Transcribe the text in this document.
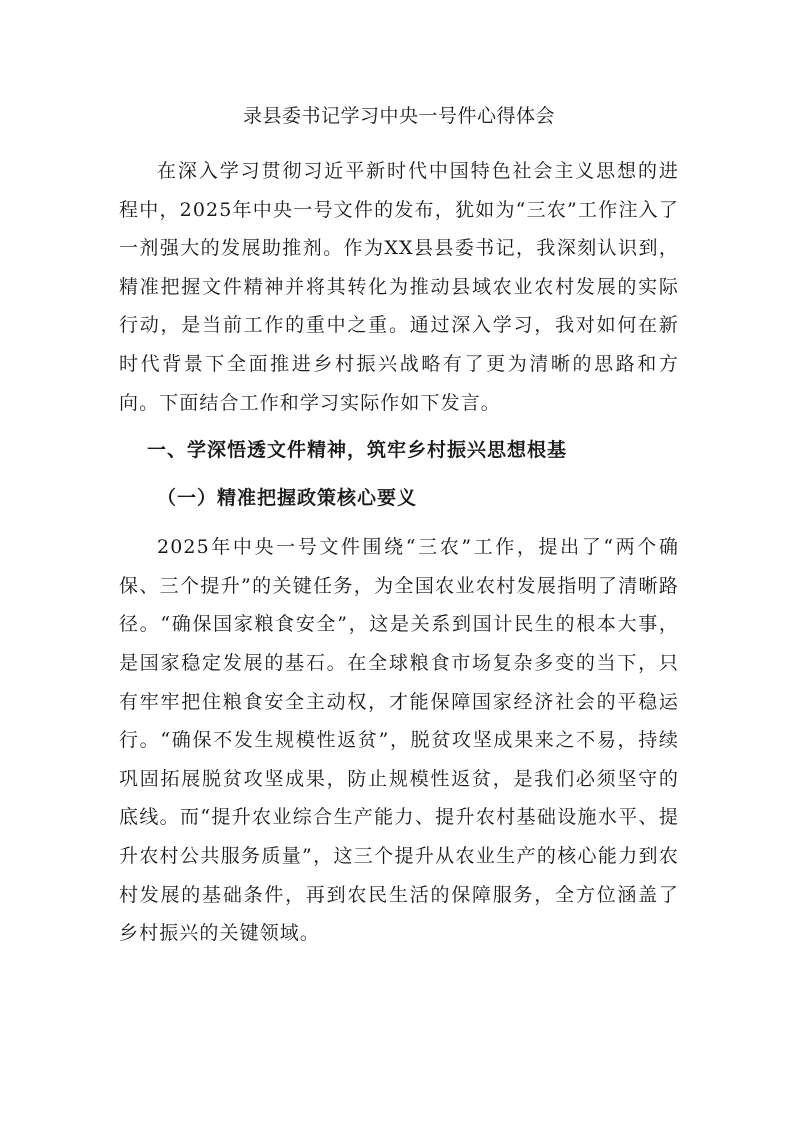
录县委书记学习中央一号件心得体会

在深入学习贯彻习近平新时代中国特色社会主义思想的进程中，2025年中央一号文件的发布，犹如为“三农”工作注入了一剂强大的发展助推剂。作为XX县县委书记，我深刻认识到，精准把握文件精神并将其转化为推动县域农业农村发展的实际行动，是当前工作的重中之重。通过深入学习，我对如何在新时代背景下全面推进乡村振兴战略有了更为清晰的思路和方向。下面结合工作和学习实际作如下发言。

一、学深悟透文件精神，筑牢乡村振兴思想根基
（一）精准把握政策核心要义

2025年中央一号文件围绕“三农”工作，提出了“两个确保、三个提升”的关键任务，为全国农业农村发展指明了清晰路径。“确保国家粮食安全”，这是关系到国计民生的根本大事，是国家稳定发展的基石。在全球粮食市场复杂多变的当下，只有牢牢把住粮食安全主动权，才能保障国家经济社会的平稳运行。“确保不发生规模性返贫”，脱贫攻坚成果来之不易，持续巩固拓展脱贫攻坚成果，防止规模性返贫，是我们必须坚守的底线。而“提升农业综合生产能力、提升农村基础设施水平、提升农村公共服务质量”，这三个提升从农业生产的核心能力到农村发展的基础条件，再到农民生活的保障服务，全方位涵盖了乡村振兴的关键领域。
